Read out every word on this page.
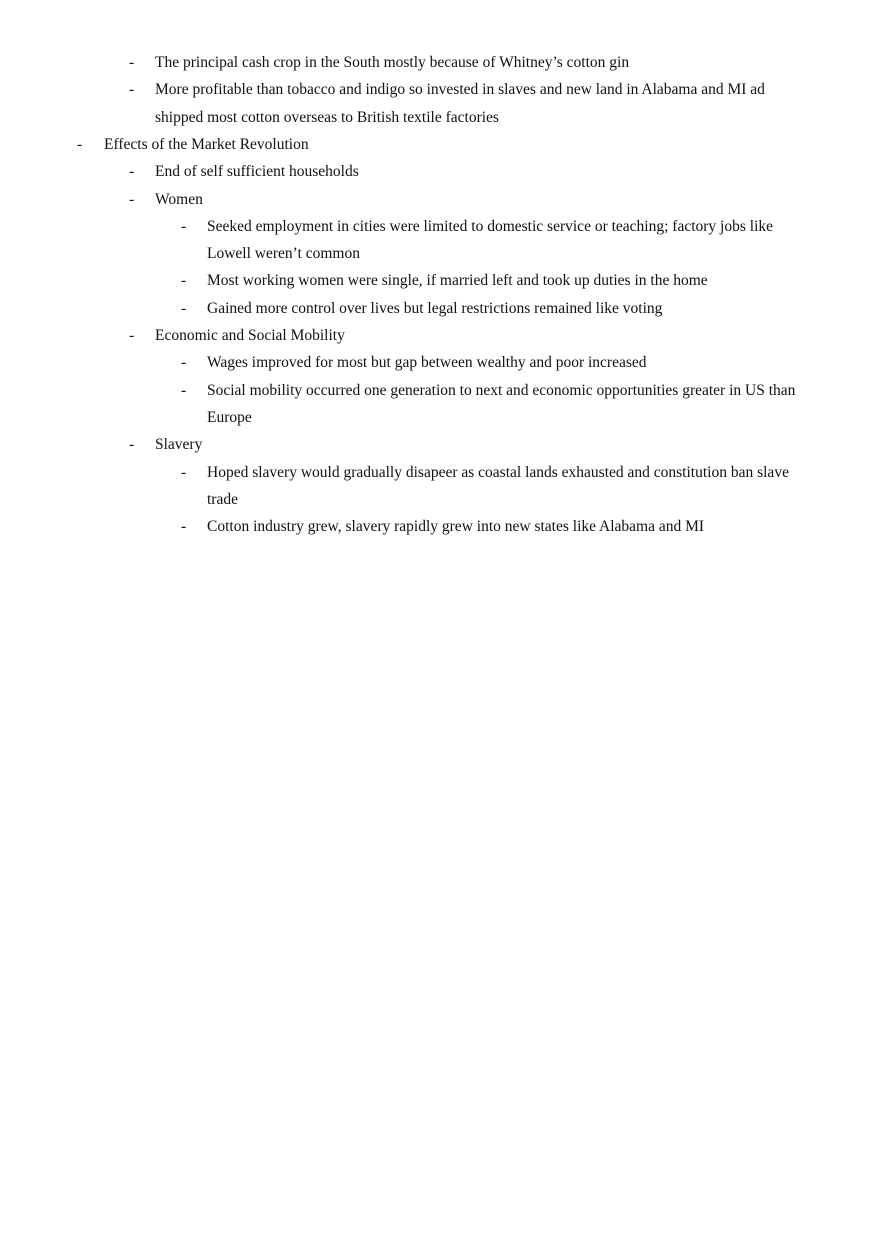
- The principal cash crop in the South mostly because of Whitney’s cotton gin
- More profitable than tobacco and indigo so invested in slaves and new land in Alabama and MI ad
shipped most cotton overseas to British textile factories
- Effects of the Market Revolution
- End of self sufficient households
- Women
- Seeked employment in cities were limited to domestic service or teaching; factory jobs like
Lowell weren’t common
- Most working women were single, if married left and took up duties in the home
- Gained more control over lives but legal restrictions remained like voting
- Economic and Social Mobility
- Wages improved for most but gap between wealthy and poor increased
- Social mobility occurred one generation to next and economic opportunities greater in US than
Europe
- Slavery
- Hoped slavery would gradually disapeer as coastal lands exhausted and constitution ban slave
trade
- Cotton industry grew, slavery rapidly grew into new states like Alabama and MI
